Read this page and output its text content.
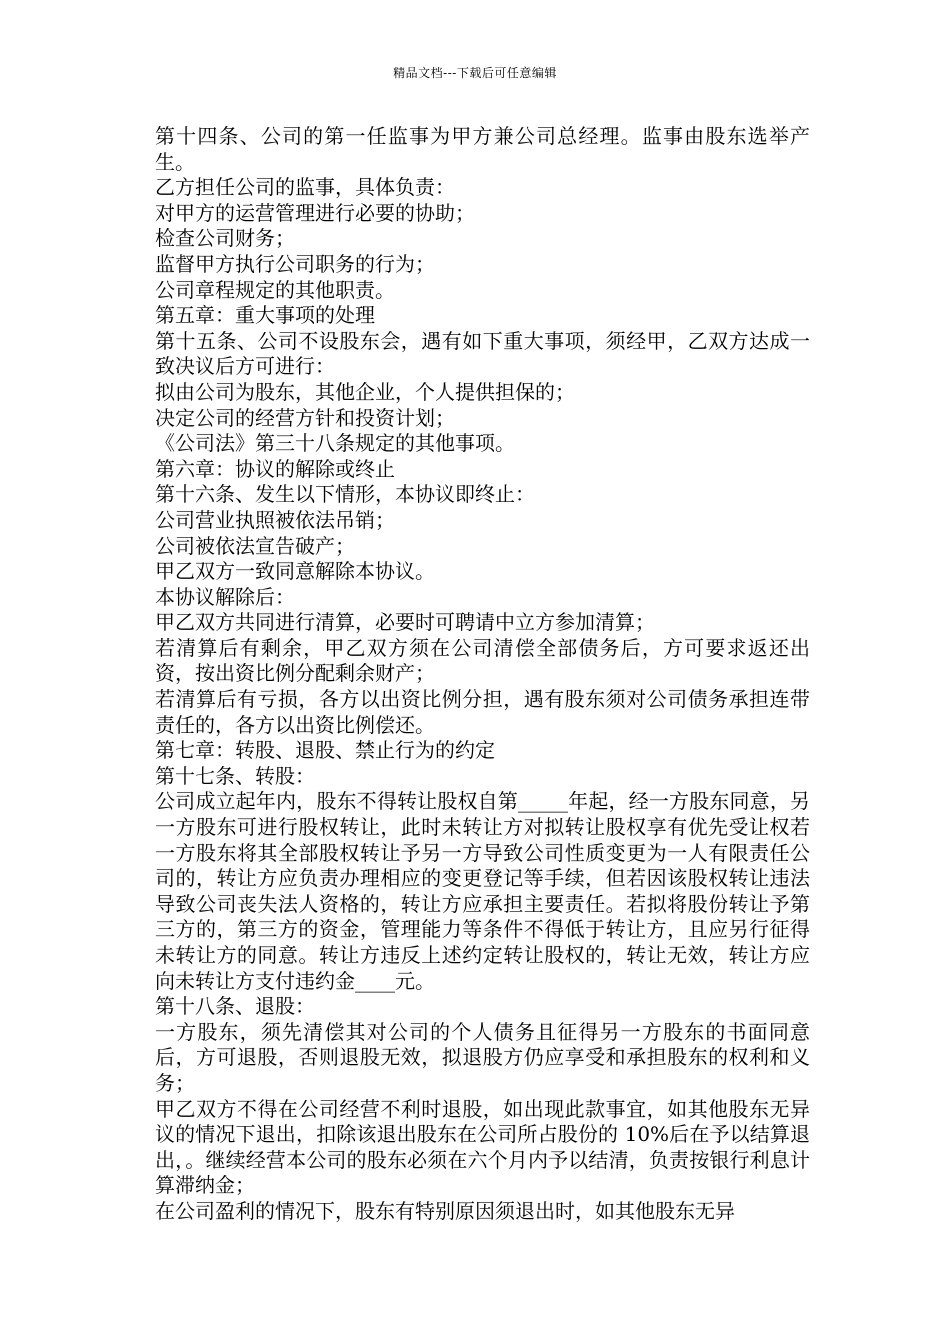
精品文档---下载后可任意编辑

第十四条、公司的第一任监事为甲方兼公司总经理。监事由股东选举产生。

乙方担任公司的监事，具体负责：

对甲方的运营管理进行必要的协助；

检查公司财务；

监督甲方执行公司职务的行为；

公司章程规定的其他职责。

第五章：重大事项的处理

第十五条、公司不设股东会，遇有如下重大事项，须经甲，乙双方达成一致决议后方可进行：

拟由公司为股东，其他企业，个人提供担保的；

决定公司的经营方针和投资计划；

《公司法》第三十八条规定的其他事项。

第六章：协议的解除或终止

第十六条、发生以下情形，本协议即终止：

公司营业执照被依法吊销；

公司被依法宣告破产；

甲乙双方一致同意解除本协议。

本协议解除后：

甲乙双方共同进行清算，必要时可聘请中立方参加清算；

若清算后有剩余，甲乙双方须在公司清偿全部债务后，方可要求返还出资，按出资比例分配剩余财产；

若清算后有亏损，各方以出资比例分担，遇有股东须对公司债务承担连带责任的，各方以出资比例偿还。

第七章：转股、退股、禁止行为的约定

第十七条、转股：

公司成立起年内，股东不得转让股权自第_____年起，经一方股东同意，另一方股东可进行股权转让，此时未转让方对拟转让股权享有优先受让权若一方股东将其全部股权转让予另一方导致公司性质变更为一人有限责任公司的，转让方应负责办理相应的变更登记等手续，但若因该股权转让违法导致公司丧失法人资格的，转让方应承担主要责任。若拟将股份转让予第三方的，第三方的资金，管理能力等条件不得低于转让方，且应另行征得未转让方的同意。转让方违反上述约定转让股权的，转让无效，转让方应向未转让方支付违约金____元。

第十八条、退股：

一方股东，须先清偿其对公司的个人债务且征得另一方股东的书面同意后，方可退股，否则退股无效，拟退股方仍应享受和承担股东的权利和义务；

甲乙双方不得在公司经营不利时退股，如出现此款事宜，如其他股东无异议的情况下退出，扣除该退出股东在公司所占股份的 10%后在予以结算退出，。继续经营本公司的股东必须在六个月内予以结清，负责按银行利息计算滞纳金；

在公司盈利的情况下，股东有特别原因须退出时，如其他股东无异
